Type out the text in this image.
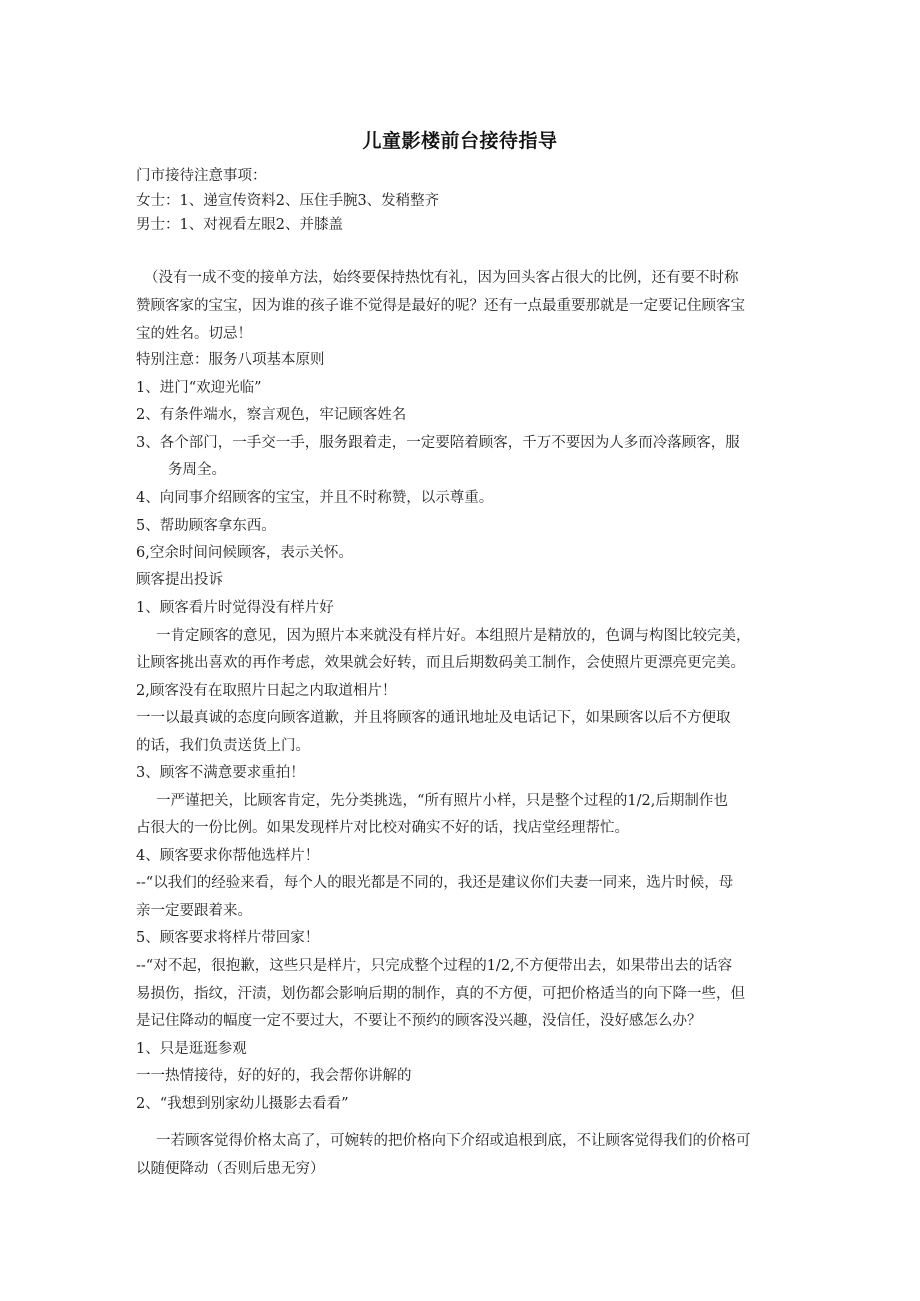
儿童影楼前台接待指导
门市接待注意事项：
女士：1、递宣传资料2、压住手腕3、发稍整齐
男士：1、对视看左眼2、并膝盖
（没有一成不变的接单方法，始终要保持热忱有礼，因为回头客占很大的比例，还有要不时称
赞顾客家的宝宝，因为谁的孩子谁不觉得是最好的呢？还有一点最重要那就是一定要记住顾客宝
宝的姓名。切忌！
特别注意：服务八项基本原则
1、进门“欢迎光临”
2、有条件端水，察言观色，牢记顾客姓名
3、各个部门，一手交一手，服务跟着走，一定要陪着顾客，千万不要因为人多而冷落顾客，服
务周全。
4、向同事介绍顾客的宝宝，并且不时称赞，以示尊重。
5、帮助顾客拿东西。
6,空余时间问候顾客，表示关怀。
顾客提出投诉
1、顾客看片时觉得没有样片好
一肯定顾客的意见，因为照片本来就没有样片好。本组照片是精放的，色调与构图比较完美，
让顾客挑出喜欢的再作考虑，效果就会好转，而且后期数码美工制作，会使照片更漂亮更完美。
2,顾客没有在取照片日起之内取道相片！
一一以最真诚的态度向顾客道歉，并且将顾客的通讯地址及电话记下，如果顾客以后不方便取
的话，我们负责送货上门。
3、顾客不满意要求重拍！
一严谨把关，比顾客肯定，先分类挑选，“所有照片小样，只是整个过程的1/2,后期制作也
占很大的一份比例。如果发现样片对比校对确实不好的话，找店堂经理帮忙。
4、顾客要求你帮他选样片！
--“以我们的经验来看，每个人的眼光都是不同的，我还是建议你们夫妻一同来，选片时候，母
亲一定要跟着来。
5、顾客要求将样片带回家！
--“对不起，很抱歉，这些只是样片，只完成整个过程的1/2,不方便带出去，如果带出去的话容
易损伤，指纹，汗渍，划伤都会影响后期的制作，真的不方便，可把价格适当的向下降一些，但
是记住降动的幅度一定不要过大，不要让不预约的顾客没兴趣，没信任，没好感怎么办？
1、只是逛逛参观
一一热情接待，好的好的，我会帮你讲解的
2、“我想到别家幼儿摄影去看看”
一若顾客觉得价格太高了，可婉转的把价格向下介绍或追根到底，不让顾客觉得我们的价格可
以随便降动（否则后患无穷）
